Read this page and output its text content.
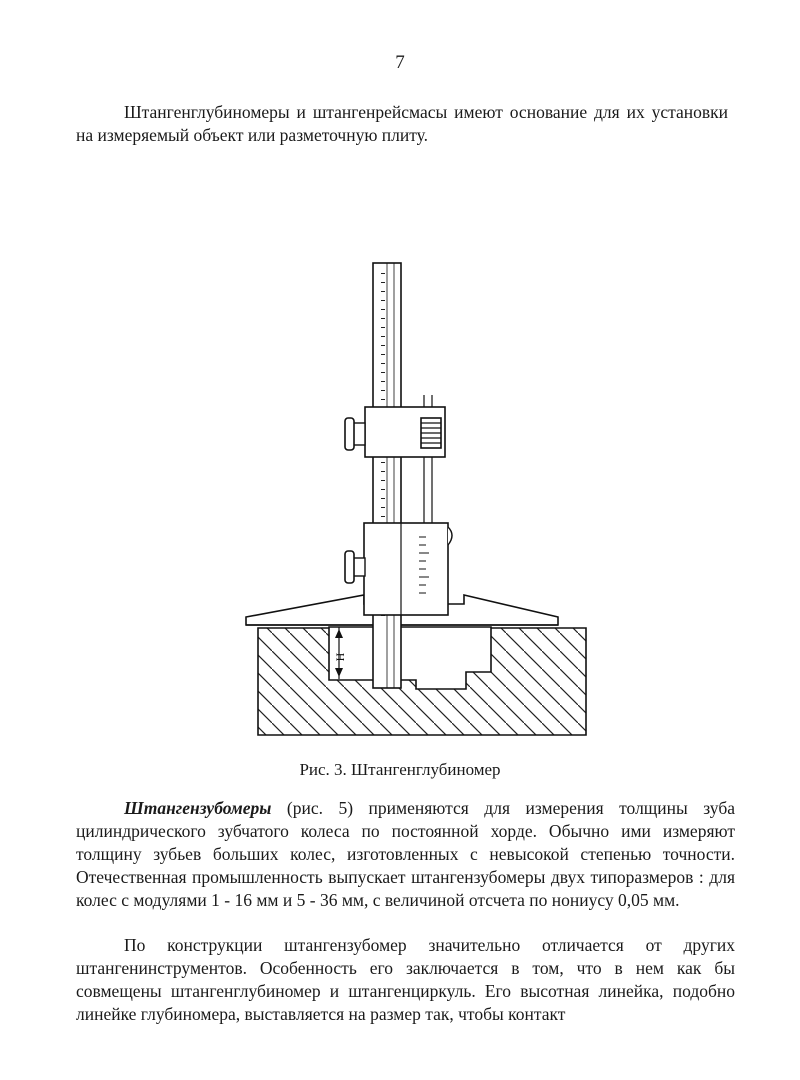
7

Штангенглубиномеры и штангенрейсмасы имеют основание для их установки на измеряемый объект или разметочную плиту.

Н
Рис. 3. Штангенглубиномер

Штангензубомеры (рис. 5) применяются для измерения толщины зуба цилиндрического зубчатого колеса по постоянной хорде. Обычно ими измеряют толщину зубьев больших колес, изготовленных с невысокой степенью точности. Отечественная промышленность выпускает штангензубомеры двух типоразмеров : для колес с модулями 1 - 16 мм и 5 - 36 мм, с величиной отсчета по нониусу 0,05 мм.

По конструкции штангензубомер значительно отличается от других штангенинструментов. Особенность его заключается в том, что в нем как бы совмещены штангенглубиномер и штангенциркуль. Его высотная линейка, подобно линейке глубиномера, выставляется на размер так, чтобы контакт
